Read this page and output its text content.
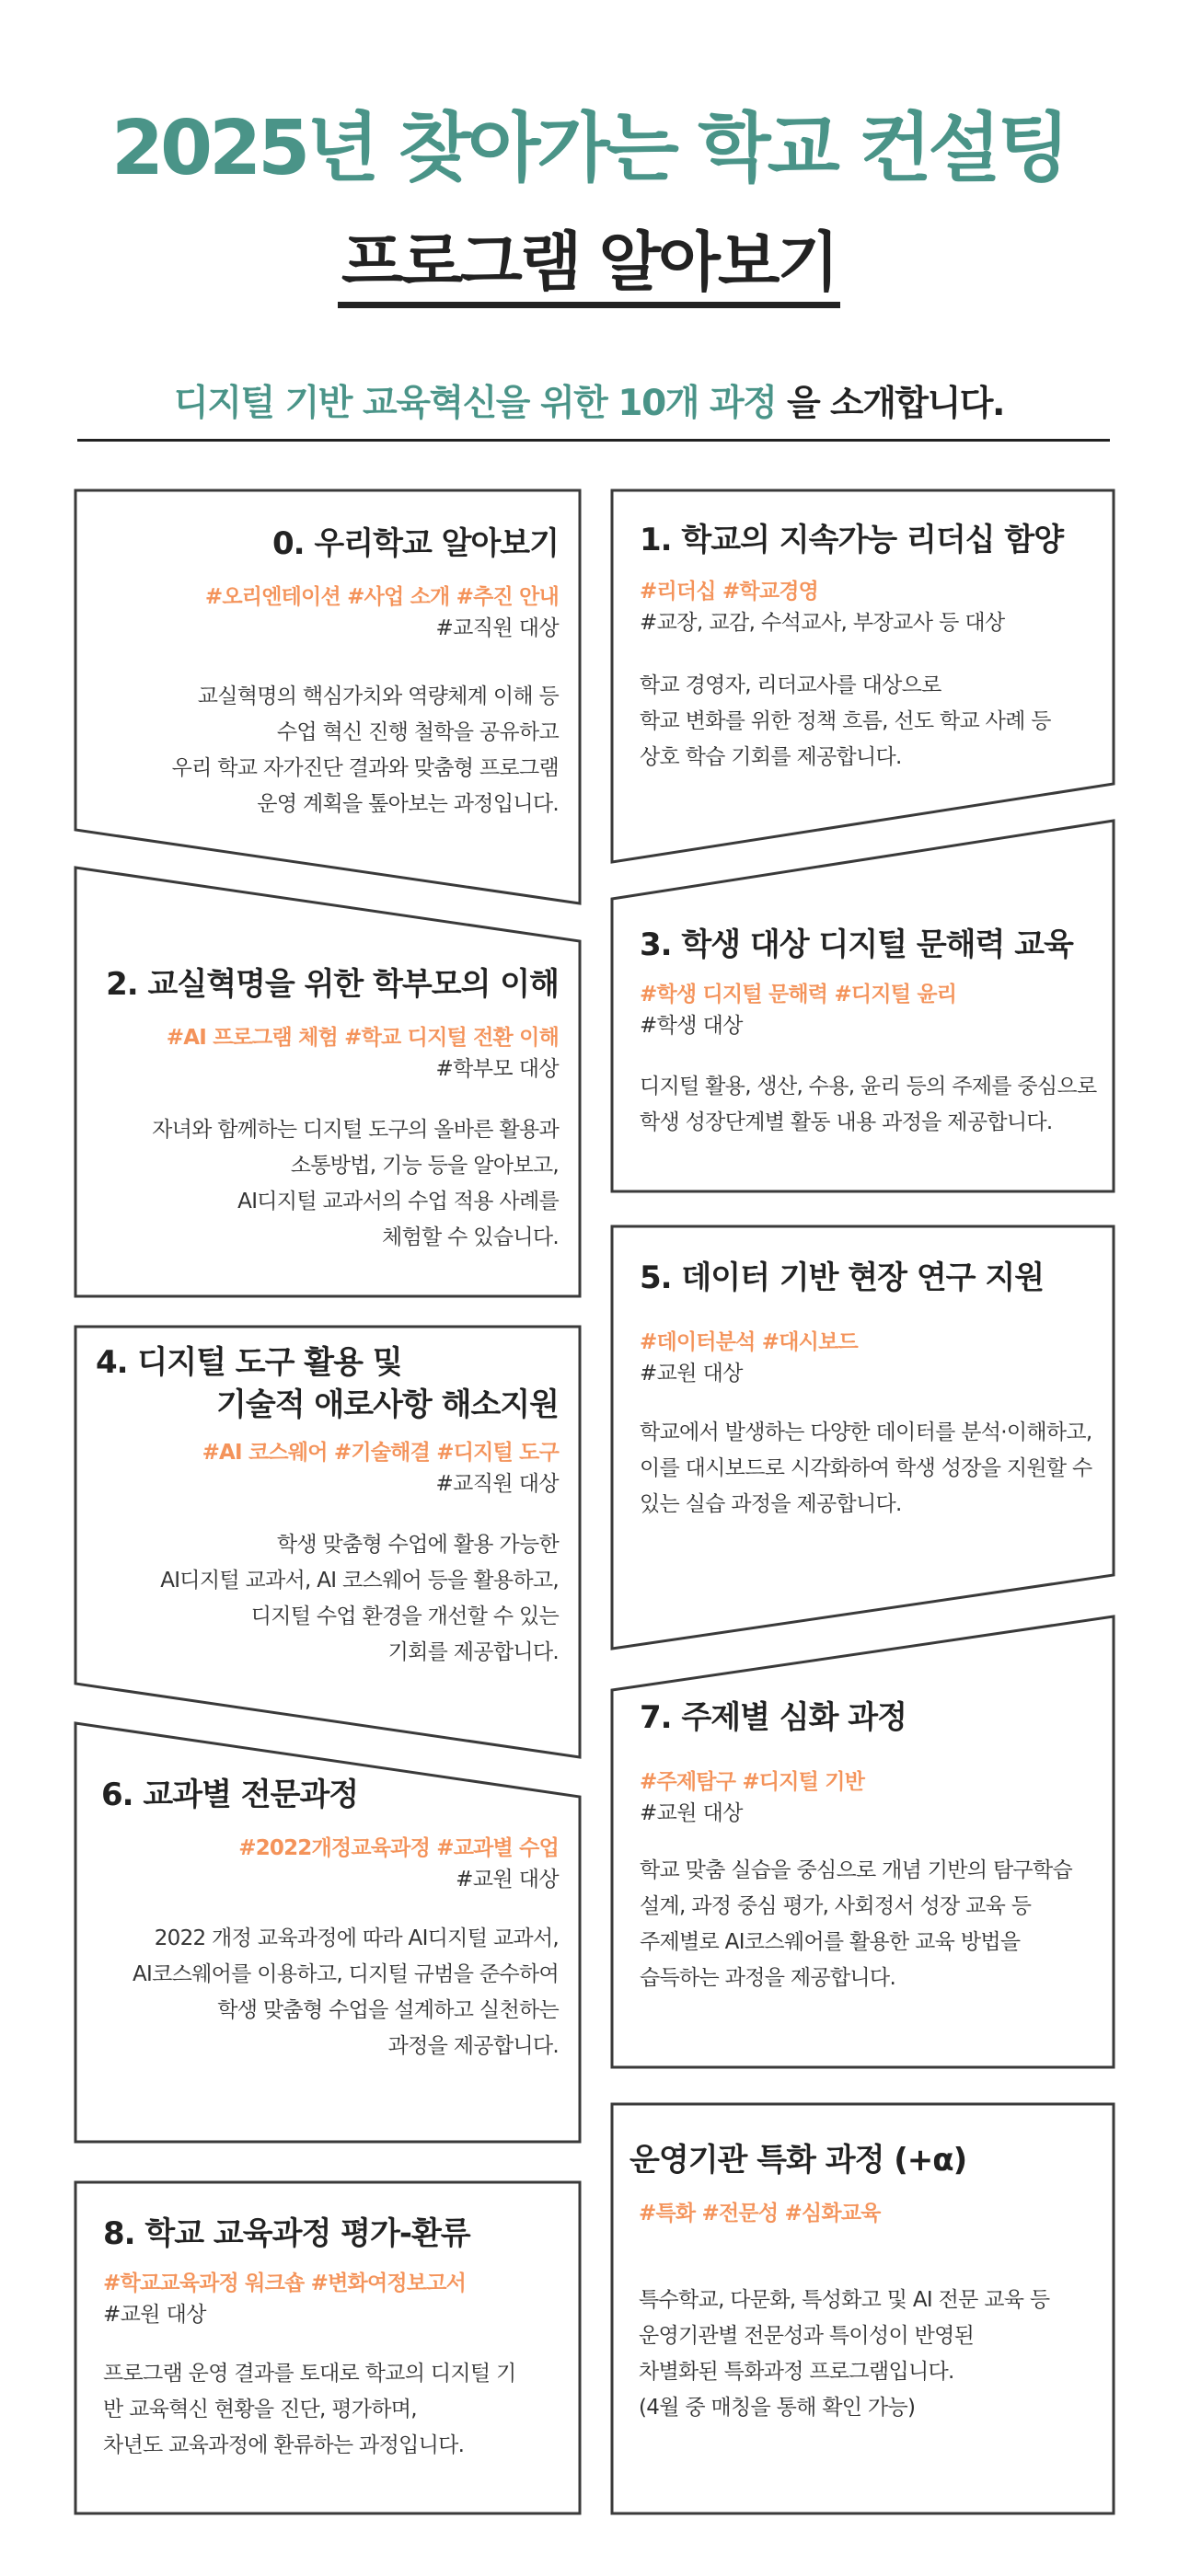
2025년 찾아가는 학교 컨설팅
프로그램 알아보기
디지털 기반 교육혁신을 위한 10개 과정 을 소개합니다.
0. 우리학교 알아보기
#오리엔테이션 #사업 소개 #추진 안내
#교직원 대상
교실혁명의 핵심가치와 역량체계 이해 등
수업 혁신 진행 철학을 공유하고
우리 학교 자가진단 결과와 맞춤형 프로그램
운영 계획을 톺아보는 과정입니다.
1. 학교의 지속가능 리더십 함양
#리더십 #학교경영
#교장, 교감, 수석교사, 부장교사 등 대상
학교 경영자, 리더교사를 대상으로
학교 변화를 위한 정책 흐름, 선도 학교 사례 등
상호 학습 기회를 제공합니다.
2. 교실혁명을 위한 학부모의 이해
#AI 프로그램 체험 #학교 디지털 전환 이해
#학부모 대상
자녀와 함께하는 디지털 도구의 올바른 활용과
소통방법, 기능 등을 알아보고,
AI디지털 교과서의 수업 적용 사례를
체험할 수 있습니다.
3. 학생 대상 디지털 문해력 교육
#학생 디지털 문해력 #디지털 윤리
#학생 대상
디지털 활용, 생산, 수용, 윤리 등의 주제를 중심으로
학생 성장단계별 활동 내용 과정을 제공합니다.
4. 디지털 도구 활용 및
기술적 애로사항 해소지원
#AI 코스웨어 #기술해결 #디지털 도구
#교직원 대상
학생 맞춤형 수업에 활용 가능한
AI디지털 교과서, AI 코스웨어 등을 활용하고,
디지털 수업 환경을 개선할 수 있는
기회를 제공합니다.
5. 데이터 기반 현장 연구 지원
#데이터분석 #대시보드
#교원 대상
학교에서 발생하는 다양한 데이터를 분석·이해하고,
이를 대시보드로 시각화하여 학생 성장을 지원할 수
있는 실습 과정을 제공합니다.
6. 교과별 전문과정
#2022개정교육과정 #교과별 수업
#교원 대상
2022 개정 교육과정에 따라 AI디지털 교과서,
AI코스웨어를 이용하고, 디지털 규범을 준수하여
학생 맞춤형 수업을 설계하고 실천하는
과정을 제공합니다.
7. 주제별 심화 과정
#주제탐구 #디지털 기반
#교원 대상
학교 맞춤 실습을 중심으로 개념 기반의 탐구학습
설계, 과정 중심 평가, 사회정서 성장 교육 등
주제별로 AI코스웨어를 활용한 교육 방법을
습득하는 과정을 제공합니다.
8. 학교 교육과정 평가-환류
#학교교육과정 워크숍 #변화여정보고서
#교원 대상
프로그램 운영 결과를 토대로 학교의 디지털 기
반 교육혁신 현황을 진단, 평가하며,
차년도 교육과정에 환류하는 과정입니다.
운영기관 특화 과정 (+α)
#특화 #전문성 #심화교육
특수학교, 다문화, 특성화고 및 AI 전문 교육 등
운영기관별 전문성과 특이성이 반영된
차별화된 특화과정 프로그램입니다.
(4월 중 매칭을 통해 확인 가능)
